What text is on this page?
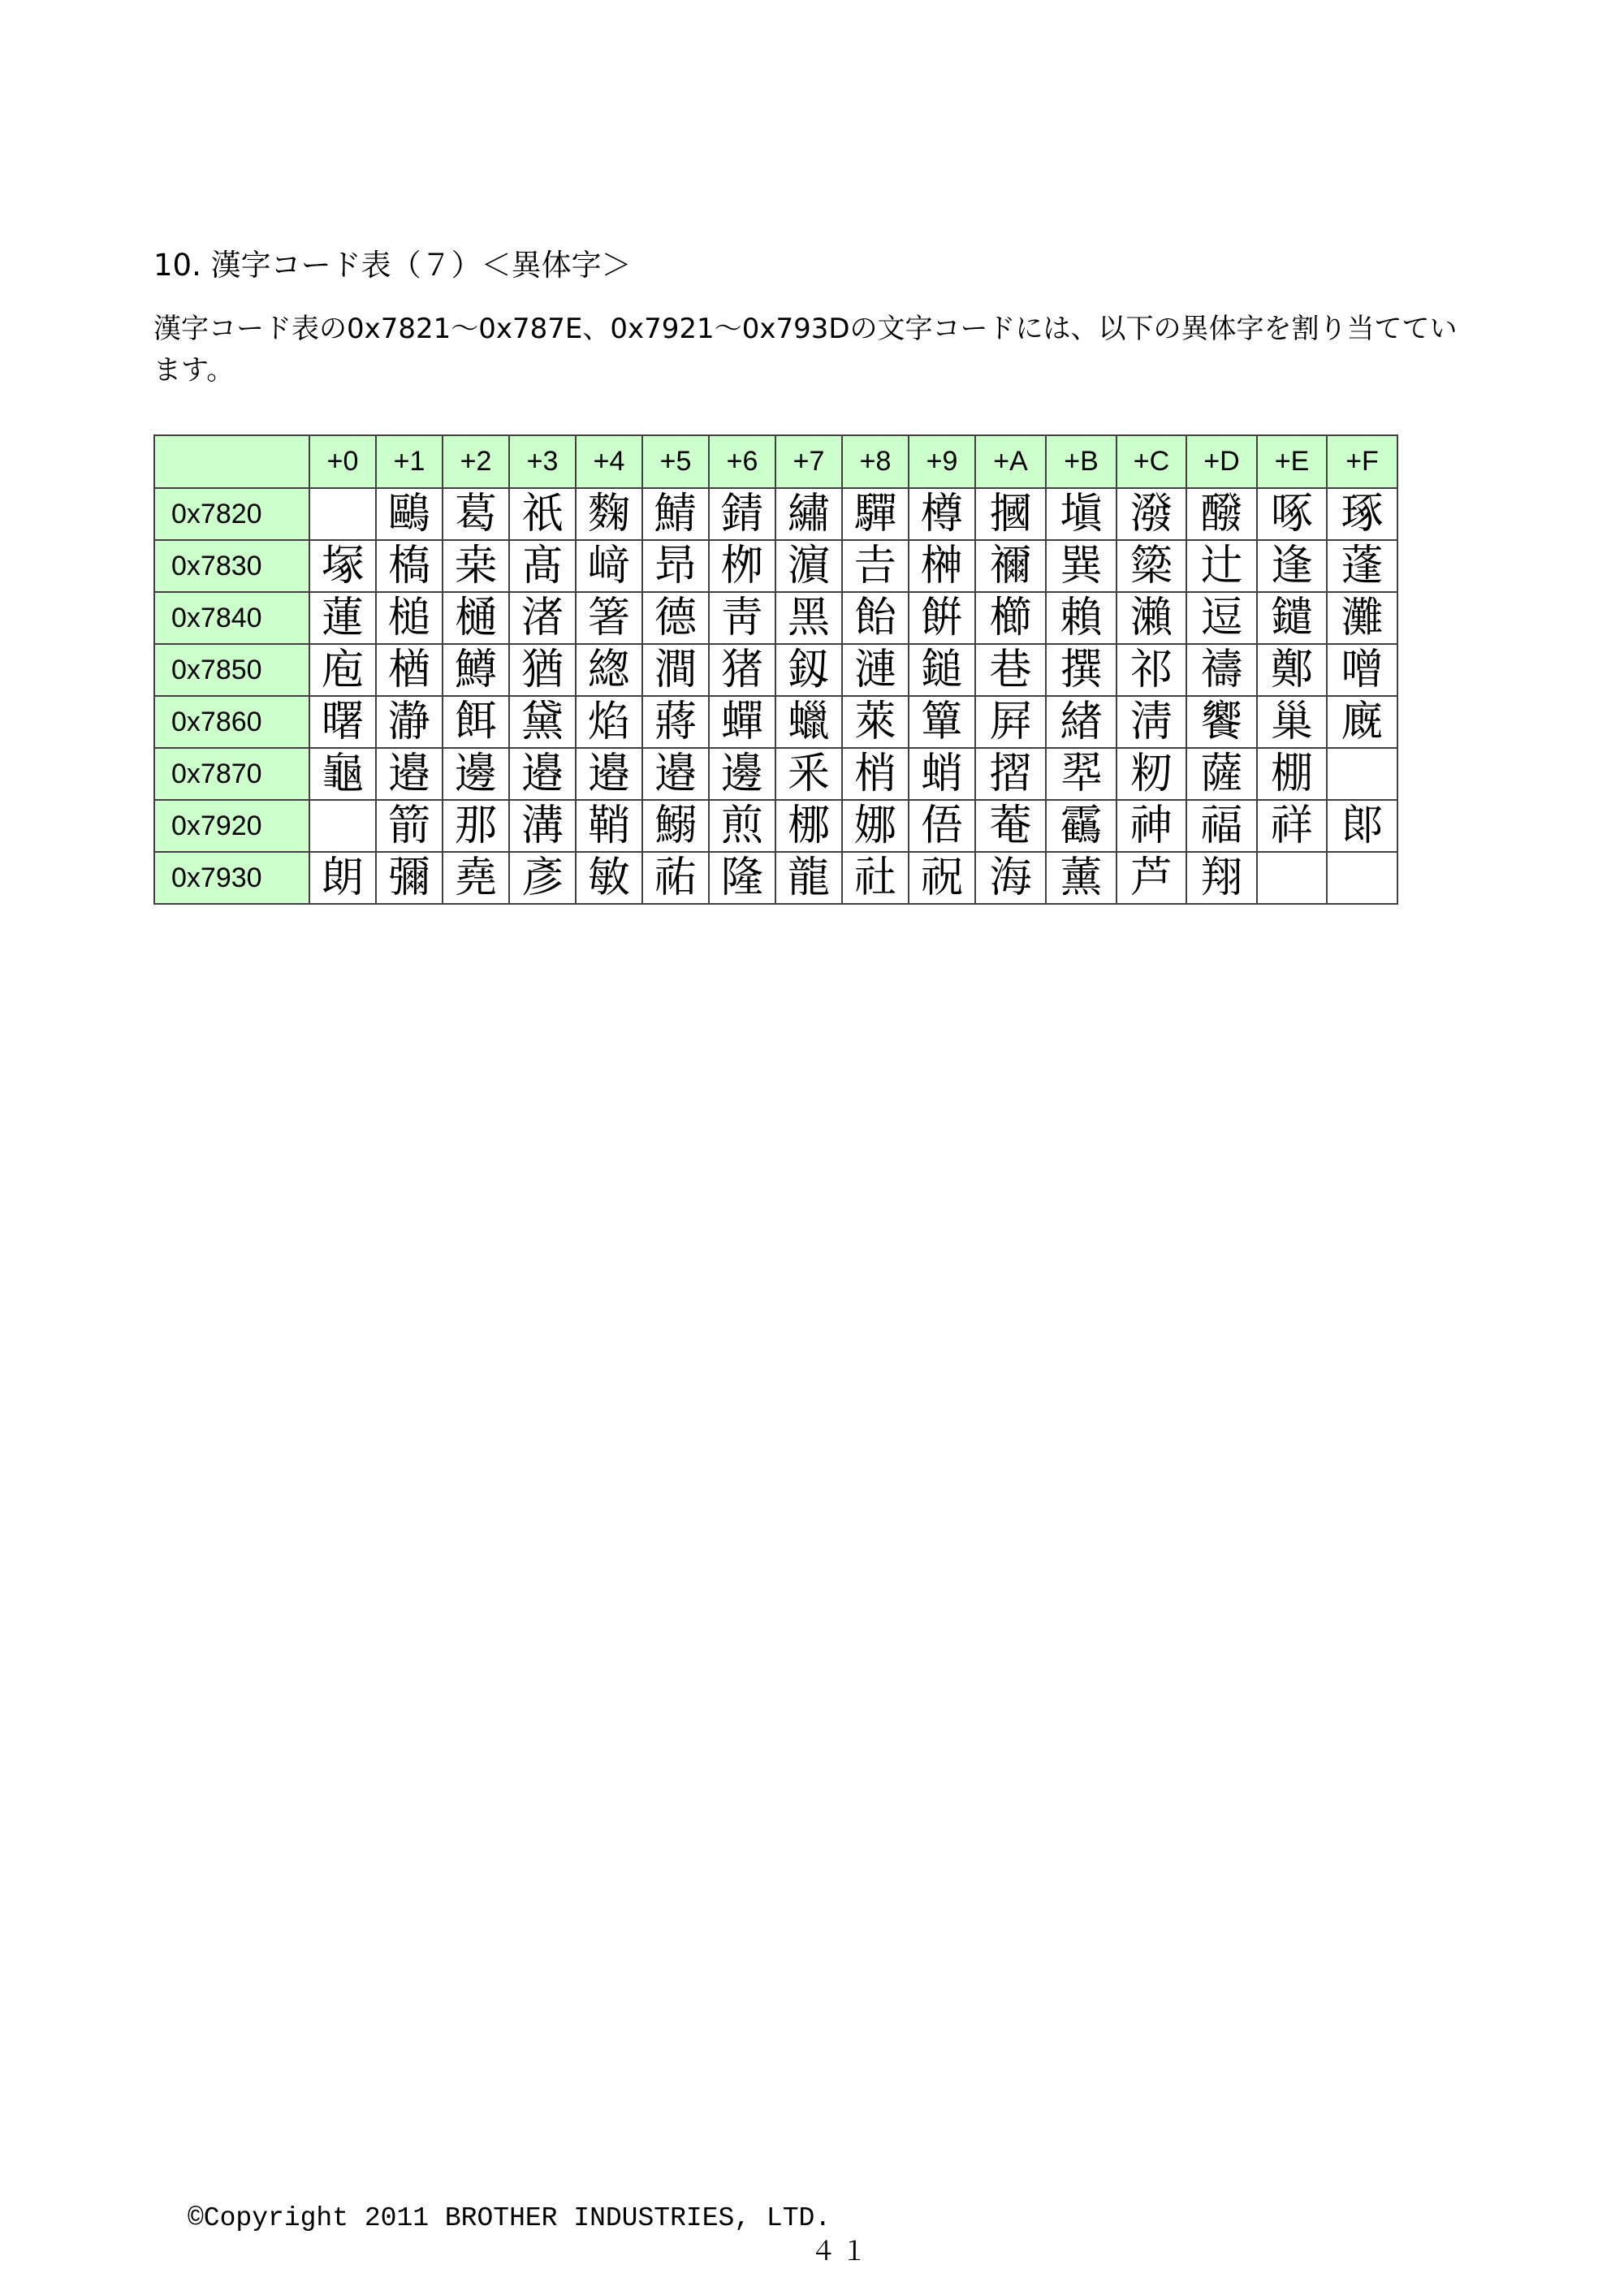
10. 漢字コード表（７）＜異体字＞
漢字コード表の0x7821～0x787E、0x7921～0x793Dの文字コードには、以下の異体字を割り当ててい
ます。
	+0	+1	+2	+3	+4	+5	+6	+7	+8	+9	+A	+B	+C	+D	+E	+F
0x7820		鷗	葛	祇	麴	鯖	錆	繡	驒	樽	摑	塡	潑	醱	啄	琢
0x7830	塚	槗	桒	髙	﨑	昻	栁	濵	𠮷	榊	禰	巽	簗	辻	逢	蓬
0x7840	蓮	槌	樋	渚	箸	德	靑	黑	飴	餠	櫛	賴	瀨	逗	鑓	灘
0x7850	庖	楢	鱒	猶	緫	澗	猪	釼	漣	鎚	巷	撰	祁	禱	鄭	噌
0x7860	曙	瀞	餌	黛	焰	蔣	蟬	蠟	萊	簞	屛	緖	淸	饗	巢	廐
0x7870	龜	邉	邊	邉	邉	邉	邊	釆	梢	蛸	摺	翆	籾	薩	棚	
0x7920		箭	那	溝	鞘	鰯	煎	梛	娜	俉	菴	靍	神	福	祥	郞
0x7930	朗	彌	堯	彥	敏	祐	隆	龍	社	祝	海	薰	芦	翔		
©Copyright 2011 BROTHER INDUSTRIES, LTD.
４１
